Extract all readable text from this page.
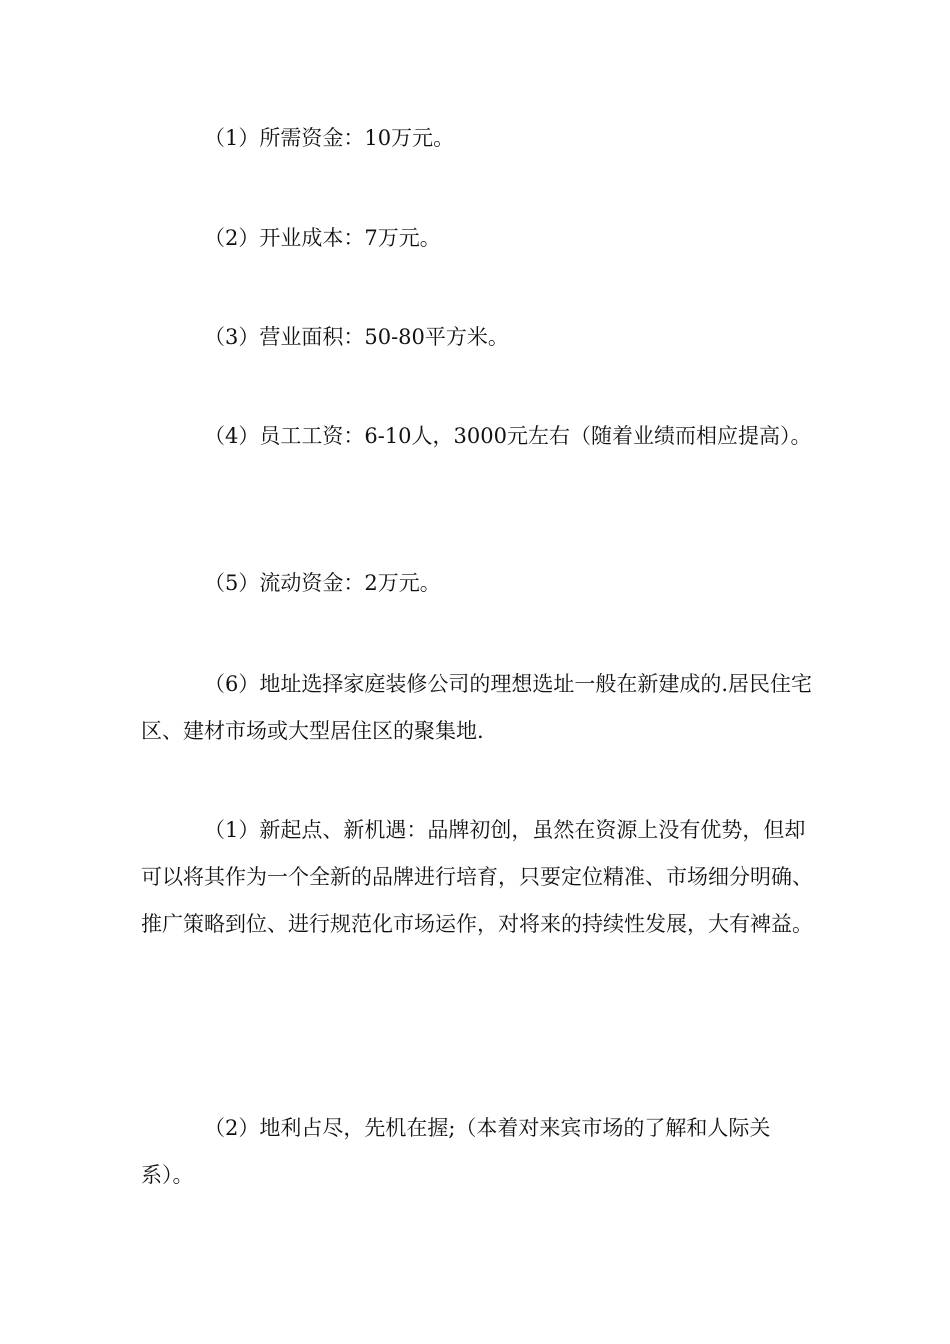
（1）所需资金：10万元。

（2）开业成本：7万元。

（3）营业面积：50-80平方米。

（4）员工工资：6-10人，3000元左右（随着业绩而相应提高）。

（5）流动资金：2万元。

（6）地址选择家庭装修公司的理想选址一般在新建成的.居民住宅区、建材市场或大型居住区的聚集地.

（1）新起点、新机遇：品牌初创，虽然在资源上没有优势，但却可以将其作为一个全新的品牌进行培育，只要定位精准、市场细分明确、推广策略到位、进行规范化市场运作，对将来的持续性发展，大有裨益。

（2）地利占尽，先机在握;（本着对来宾市场的了解和人际关系）。
